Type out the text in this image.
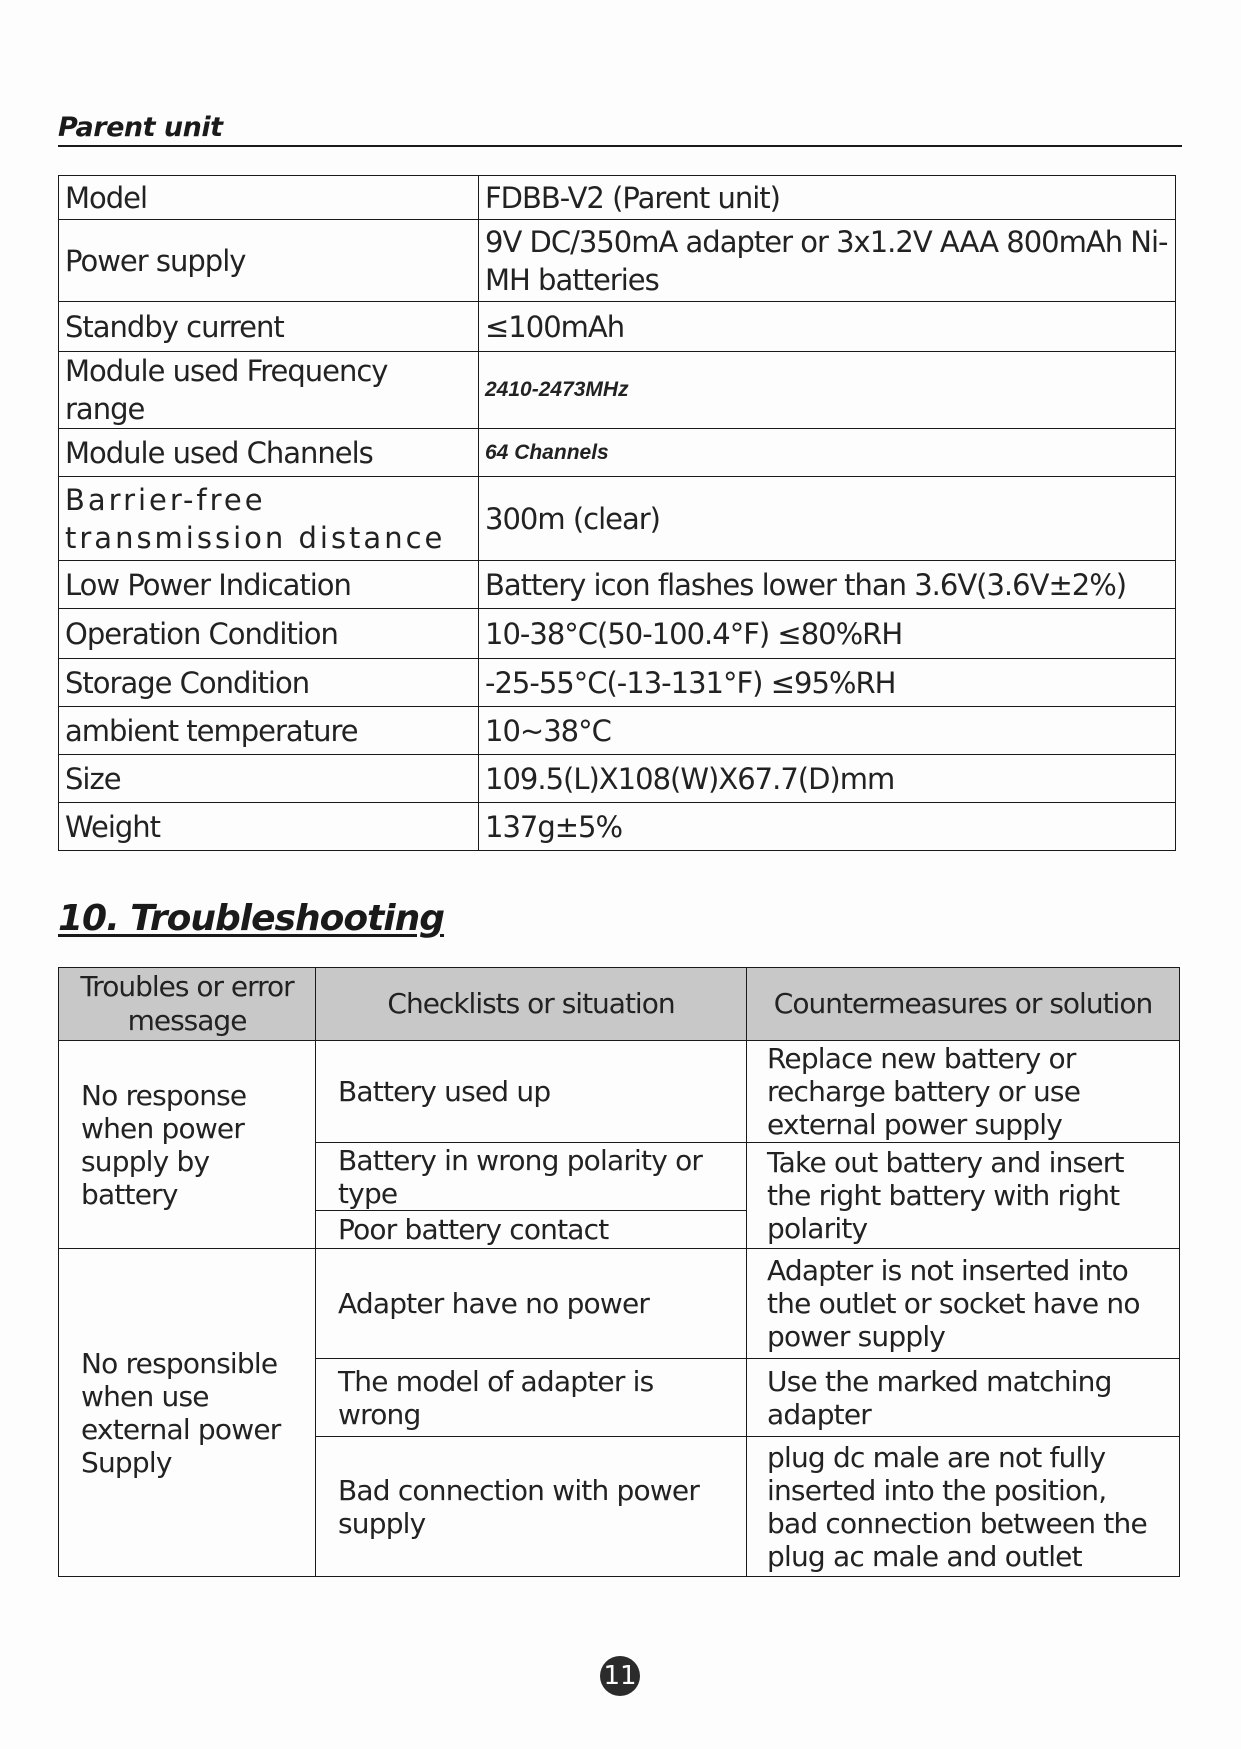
Parent unit
Model	FDBB-V2 (Parent unit)
Power supply	9V DC/350mA adapter or 3x1.2V AAA 800mAh Ni-MH batteries
Standby current	≤100mAh
Module used Frequency range	2410-2473MHz
Module used Channels	64 Channels
Barrier-free transmission distance	300m (clear)
Low Power Indication	Battery icon flashes lower than 3.6V(3.6V±2%)
Operation Condition	10-38°C(50-100.4°F) ≤80%RH
Storage Condition	-25-55°C(-13-131°F) ≤95%RH
ambient temperature	10~38°C
Size	109.5(L)X108(W)X67.7(D)mm
Weight	137g±5%
10. Troubleshooting
Troubles or error message	Checklists or situation	Countermeasures or solution
No response when power supply by battery	Battery used up	Replace new battery or recharge battery or use external power supply
	Battery in wrong polarity or type	Take out battery and insert the right battery with right polarity
	Poor battery contact	
No responsible when use external power Supply	Adapter have no power	Adapter is not inserted into the outlet or socket have no power supply
	The model of adapter is wrong	Use the marked matching adapter
	Bad connection with power supply	plug dc male are not fully inserted into the position, bad connection between the plug ac male and outlet
11
